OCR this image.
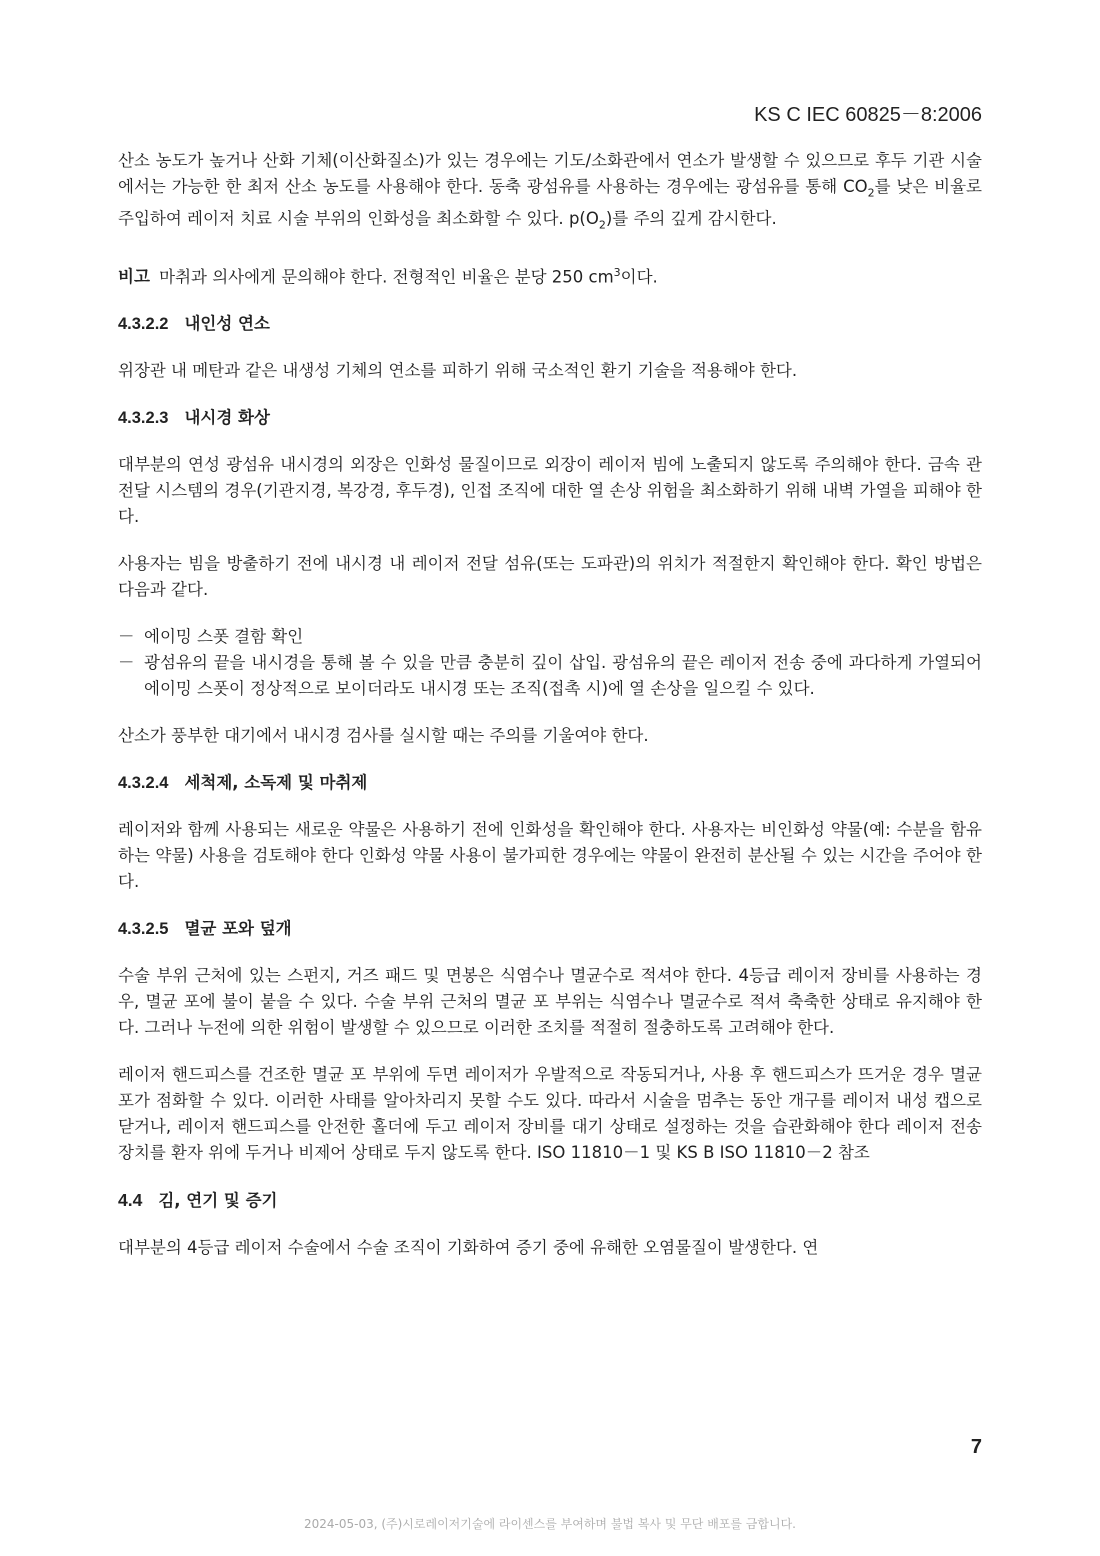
KS C IEC 60825－8:2006

산소 농도가 높거나 산화 기체(이산화질소)가 있는 경우에는 기도/소화관에서 연소가 발생할 수 있으므로 후두 기관 시술에서는 가능한 한 최저 산소 농도를 사용해야 한다. 동축 광섬유를 사용하는 경우에는 광섬유를 통해 $CO_2$를 낮은 비율로 주입하여 레이저 치료 시술 부위의 인화성을 최소화할 수 있다. $p(O_2)$를 주의 깊게 감시한다.

비고 마취과 의사에게 문의해야 한다. 전형적인 비율은 분당 250 $cm^3$이다.

4.3.2.2 내인성 연소

위장관 내 메탄과 같은 내생성 기체의 연소를 피하기 위해 국소적인 환기 기술을 적용해야 한다.

4.3.2.3 내시경 화상

대부분의 연성 광섬유 내시경의 외장은 인화성 물질이므로 외장이 레이저 빔에 노출되지 않도록 주의해야 한다. 금속 관 전달 시스템의 경우(기관지경, 복강경, 후두경), 인접 조직에 대한 열 손상 위험을 최소화하기 위해 내벽 가열을 피해야 한다.

사용자는 빔을 방출하기 전에 내시경 내 레이저 전달 섬유(또는 도파관)의 위치가 적절한지 확인해야 한다. 확인 방법은 다음과 같다.

－ 에이밍 스폿 결함 확인
－ 광섬유의 끝을 내시경을 통해 볼 수 있을 만큼 충분히 깊이 삽입. 광섬유의 끝은 레이저 전송 중에 과다하게 가열되어 에이밍 스폿이 정상적으로 보이더라도 내시경 또는 조직(접촉 시)에 열 손상을 일으킬 수 있다.

산소가 풍부한 대기에서 내시경 검사를 실시할 때는 주의를 기울여야 한다.

4.3.2.4 세척제, 소독제 및 마취제

레이저와 함께 사용되는 새로운 약물은 사용하기 전에 인화성을 확인해야 한다. 사용자는 비인화성 약물(예: 수분을 함유하는 약물) 사용을 검토해야 한다 인화성 약물 사용이 불가피한 경우에는 약물이 완전히 분산될 수 있는 시간을 주어야 한다.

4.3.2.5 멸균 포와 덮개

수술 부위 근처에 있는 스펀지, 거즈 패드 및 면봉은 식염수나 멸균수로 적셔야 한다. 4등급 레이저 장비를 사용하는 경우, 멸균 포에 불이 붙을 수 있다. 수술 부위 근처의 멸균 포 부위는 식염수나 멸균수로 적셔 축축한 상태로 유지해야 한다. 그러나 누전에 의한 위험이 발생할 수 있으므로 이러한 조치를 적절히 절충하도록 고려해야 한다.

레이저 핸드피스를 건조한 멸균 포 부위에 두면 레이저가 우발적으로 작동되거나, 사용 후 핸드피스가 뜨거운 경우 멸균 포가 점화할 수 있다. 이러한 사태를 알아차리지 못할 수도 있다. 따라서 시술을 멈추는 동안 개구를 레이저 내성 캡으로 닫거나, 레이저 핸드피스를 안전한 홀더에 두고 레이저 장비를 대기 상태로 설정하는 것을 습관화해야 한다 레이저 전송 장치를 환자 위에 두거나 비제어 상태로 두지 않도록 한다. ISO 11810－1 및 KS B ISO 11810－2 참조

4.4 김, 연기 및 증기

대부분의 4등급 레이저 수술에서 수술 조직이 기화하여 증기 중에 유해한 오염물질이 발생한다. 연

7
2024-05-03, (주)시로레이저기술에 라이센스를 부여하며 불법 복사 및 무단 배포를 금합니다.
